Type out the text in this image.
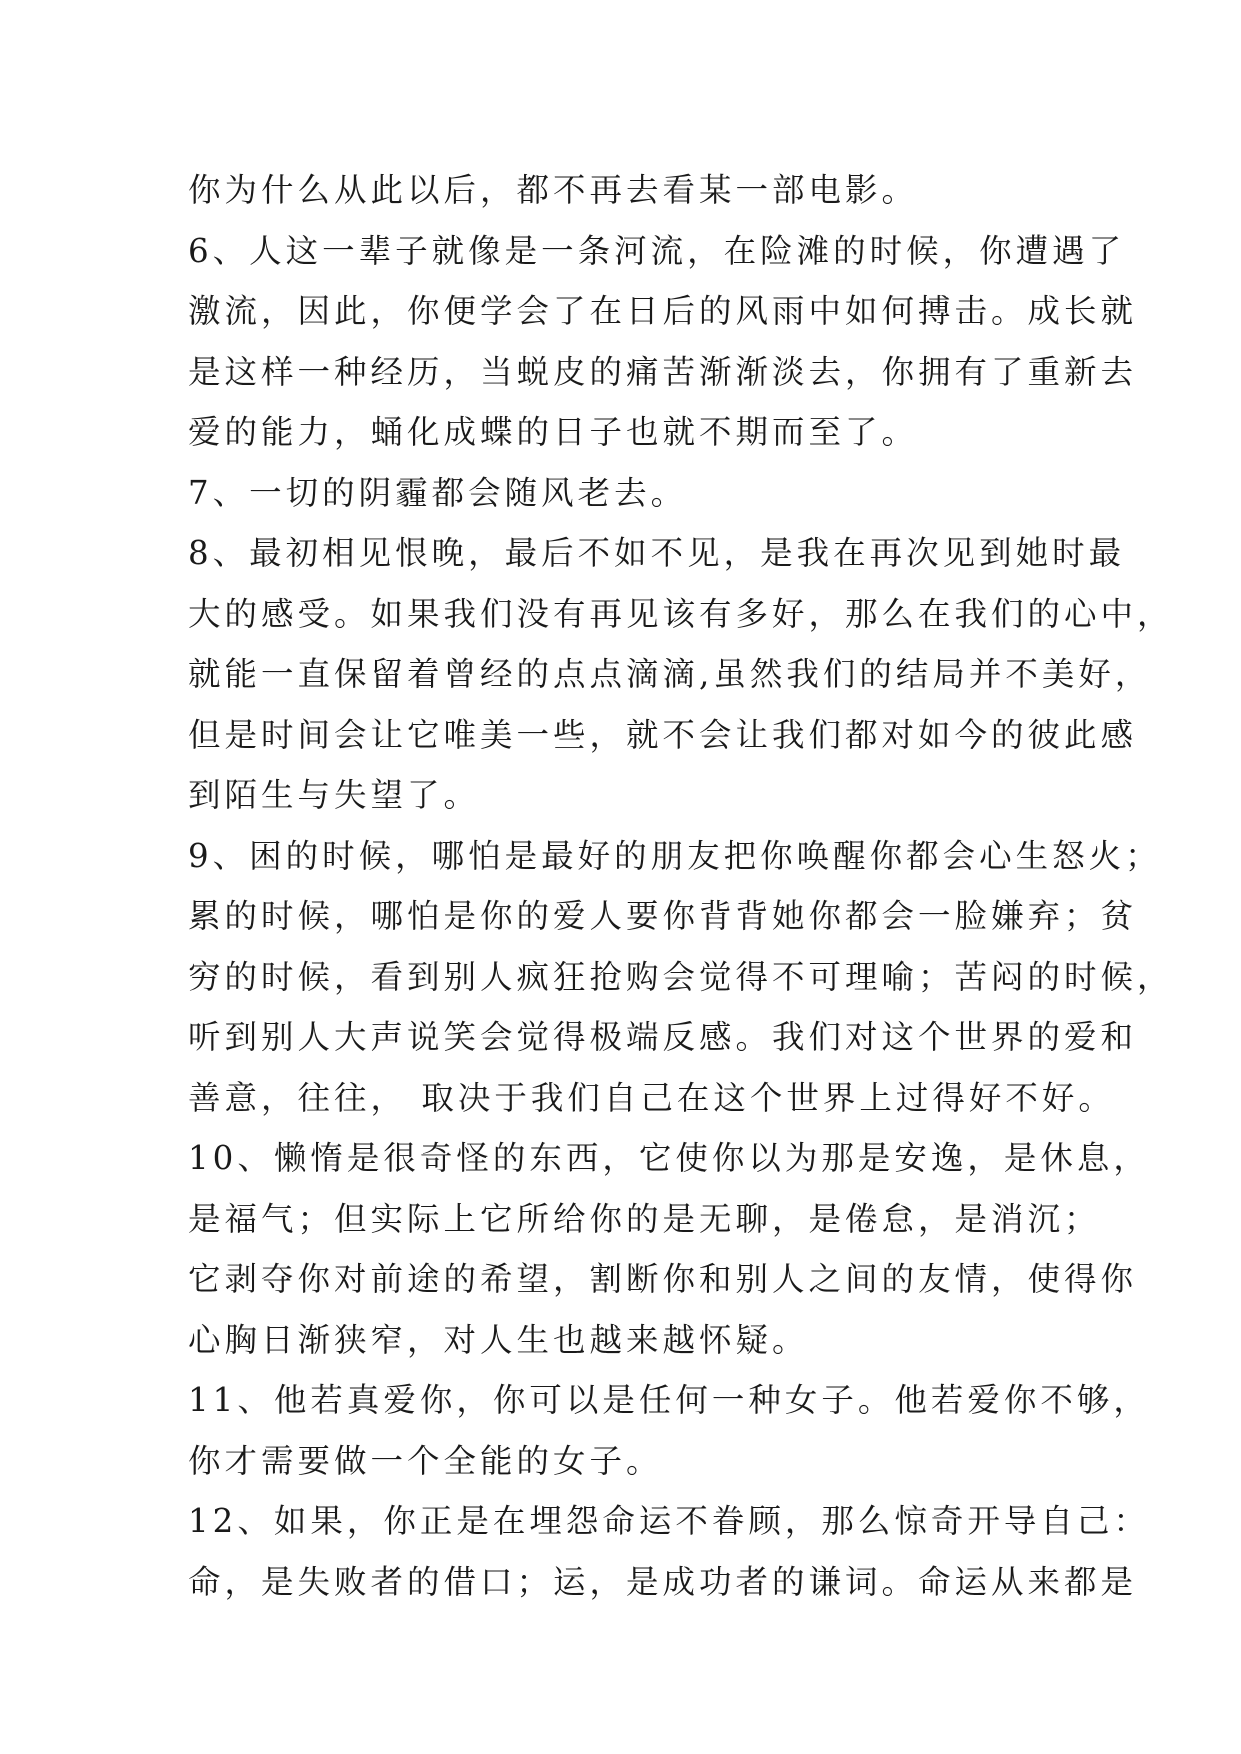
你为什么从此以后，都不再去看某一部电影。
6、人这一辈子就像是一条河流，在险滩的时候，你遭遇了
激流，因此，你便学会了在日后的风雨中如何搏击。成长就
是这样一种经历，当蜕皮的痛苦渐渐淡去，你拥有了重新去
爱的能力，蛹化成蝶的日子也就不期而至了。
7、一切的阴霾都会随风老去。
8、最初相见恨晚，最后不如不见，是我在再次见到她时最
大的感受。如果我们没有再见该有多好，那么在我们的心中，
就能一直保留着曾经的点点滴滴,虽然我们的结局并不美好，
但是时间会让它唯美一些，就不会让我们都对如今的彼此感
到陌生与失望了。
9、困的时候，哪怕是最好的朋友把你唤醒你都会心生怒火；
累的时候，哪怕是你的爱人要你背背她你都会一脸嫌弃；贫
穷的时候，看到别人疯狂抢购会觉得不可理喻；苦闷的时候，
听到别人大声说笑会觉得极端反感。我们对这个世界的爱和
善意，往往， 取决于我们自己在这个世界上过得好不好。
10、懒惰是很奇怪的东西，它使你以为那是安逸，是休息，
是福气；但实际上它所给你的是无聊，是倦怠，是消沉；
它剥夺你对前途的希望，割断你和别人之间的友情，使得你
心胸日渐狭窄，对人生也越来越怀疑。
11、他若真爱你，你可以是任何一种女子。他若爱你不够，
你才需要做一个全能的女子。
12、如果，你正是在埋怨命运不眷顾，那么惊奇开导自己：
命，是失败者的借口；运，是成功者的谦词。命运从来都是
